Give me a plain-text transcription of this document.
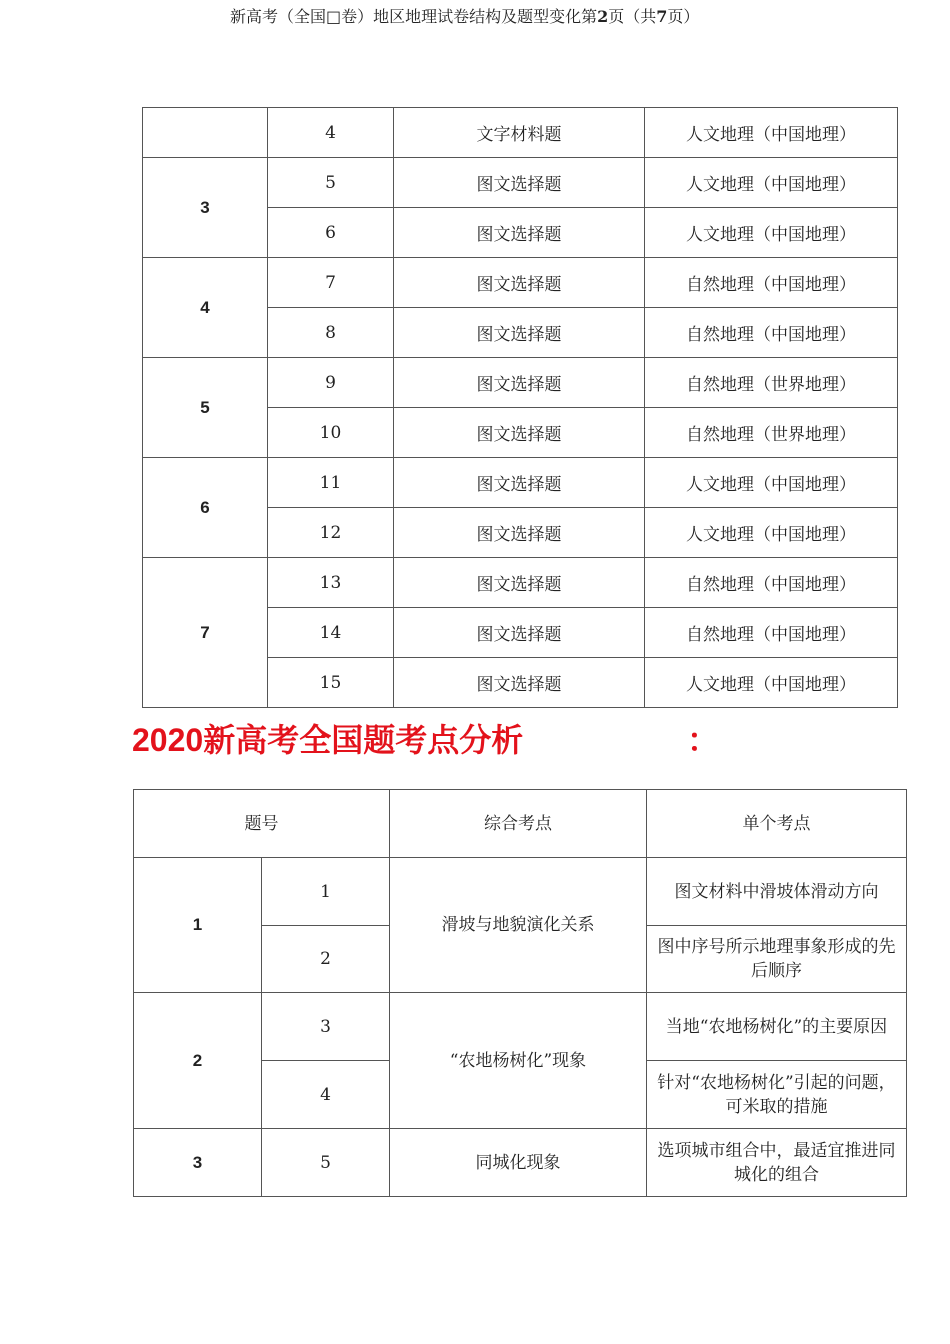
新高考（全国□卷）地区地理试卷结构及题型变化第2页（共7页）
	4	文字材料题	人文地理（中国地理）
3	5	图文选择题	人文地理（中国地理）
	6	图文选择题	人文地理（中国地理）
4	7	图文选择题	自然地理（中国地理）
	8	图文选择题	自然地理（中国地理）
5	9	图文选择题	自然地理（世界地理）
	10	图文选择题	自然地理（世界地理）
6	11	图文选择题	人文地理（中国地理）
	12	图文选择题	人文地理（中国地理）
7	13	图文选择题	自然地理（中国地理）
	14	图文选择题	自然地理（中国地理）
	15	图文选择题	人文地理（中国地理）
2020新高考全国题考点分析	：
题号		综合考点	单个考点
1	1	滑坡与地貌演化关系	图文材料中滑坡体滑动方向
	2		图中序号所示地理事象形成的先后顺序
2	3	“农地杨树化”现象	当地“农地杨树化”的主要原因
	4		针对“农地杨树化”引起的问题，可米取的措施
3	5	同城化现象	选项城市组合中，最适宜推进同城化的组合
